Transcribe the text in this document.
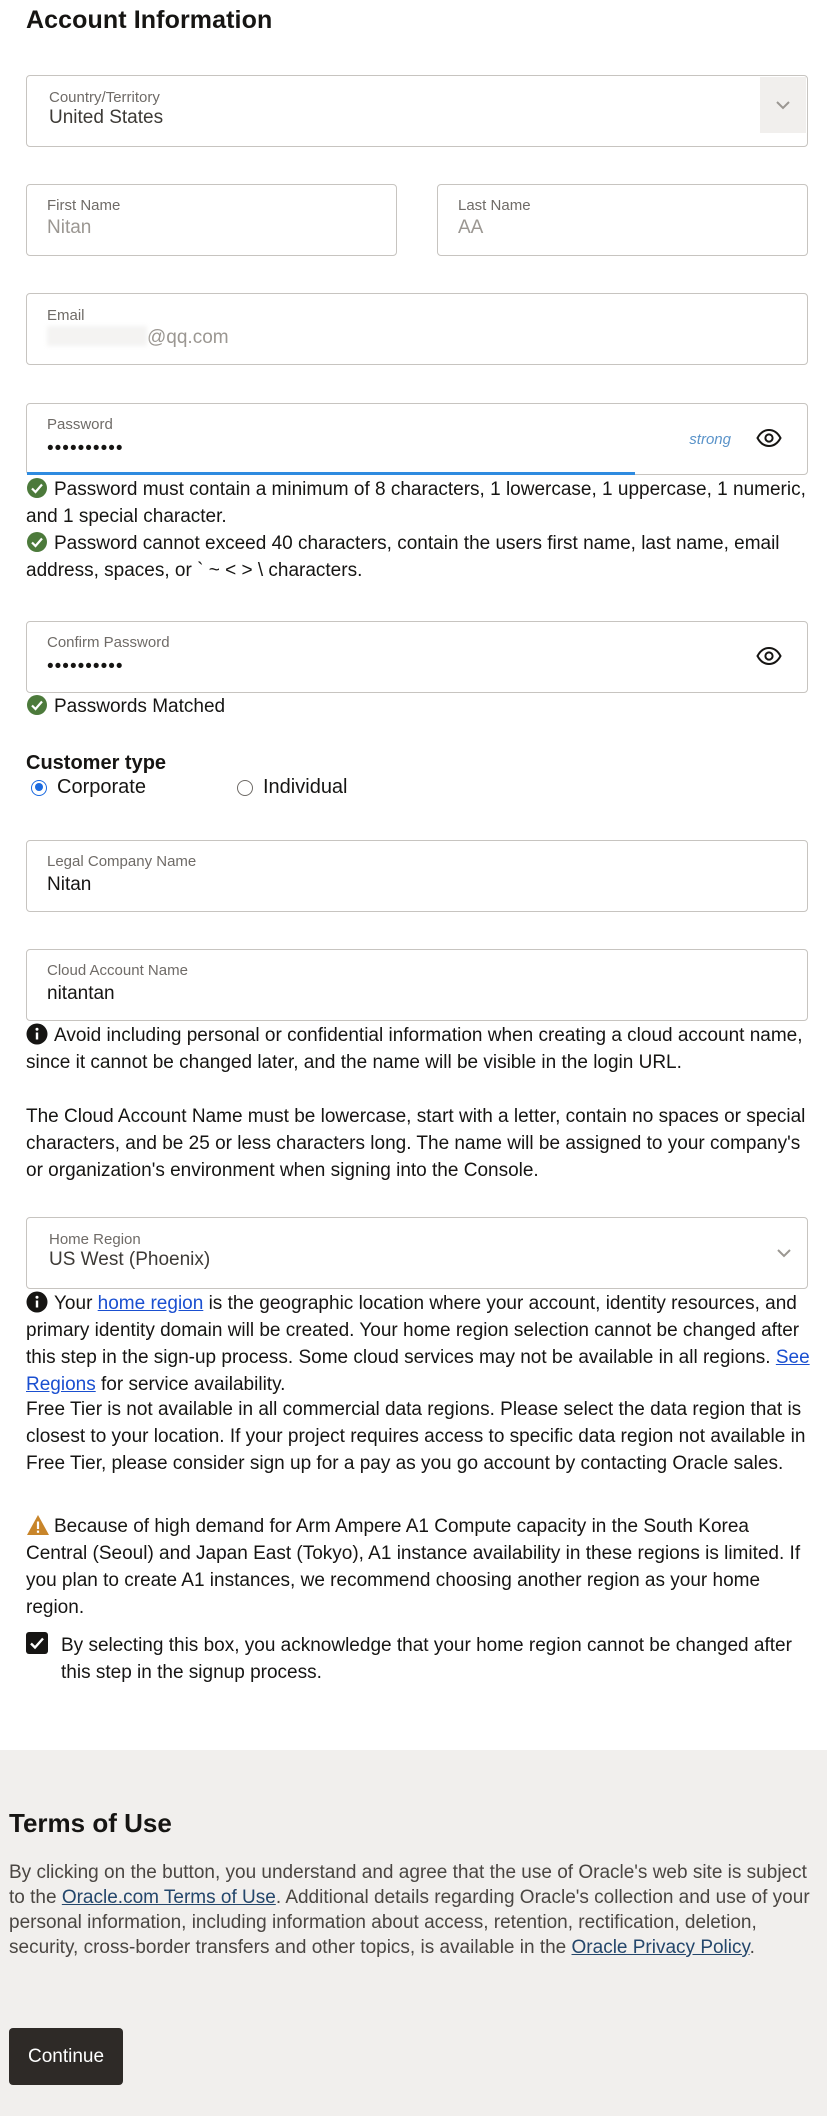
Account Information
Country/Territory
United States
First Name
Nitan
Last Name
AA
Email
@qq.com
Password
••••••••••	strong
Password must contain a minimum of 8 characters, 1 lowercase, 1 uppercase, 1 numeric, and 1 special character.
Password cannot exceed 40 characters, contain the users first name, last name, email address, spaces, or ` ~ < > \ characters.
Confirm Password
••••••••••
Passwords Matched
Customer type
Corporate	Individual
Legal Company Name
Nitan
Cloud Account Name
nitantan
Avoid including personal or confidential information when creating a cloud account name, since it cannot be changed later, and the name will be visible in the login URL.
The Cloud Account Name must be lowercase, start with a letter, contain no spaces or special characters, and be 25 or less characters long. The name will be assigned to your company's or organization's environment when signing into the Console.
Home Region
US West (Phoenix)
Your home region is the geographic location where your account, identity resources, and primary identity domain will be created. Your home region selection cannot be changed after this step in the sign-up process. Some cloud services may not be available in all regions. See Regions for service availability.
Free Tier is not available in all commercial data regions. Please select the data region that is closest to your location. If your project requires access to specific data region not available in Free Tier, please consider sign up for a pay as you go account by contacting Oracle sales.
Because of high demand for Arm Ampere A1 Compute capacity in the South Korea Central (Seoul) and Japan East (Tokyo), A1 instance availability in these regions is limited. If you plan to create A1 instances, we recommend choosing another region as your home region.
By selecting this box, you acknowledge that your home region cannot be changed after this step in the signup process.
Terms of Use
By clicking on the button, you understand and agree that the use of Oracle's web site is subject to the Oracle.com Terms of Use. Additional details regarding Oracle's collection and use of your personal information, including information about access, retention, rectification, deletion, security, cross-border transfers and other topics, is available in the Oracle Privacy Policy.
Continue
